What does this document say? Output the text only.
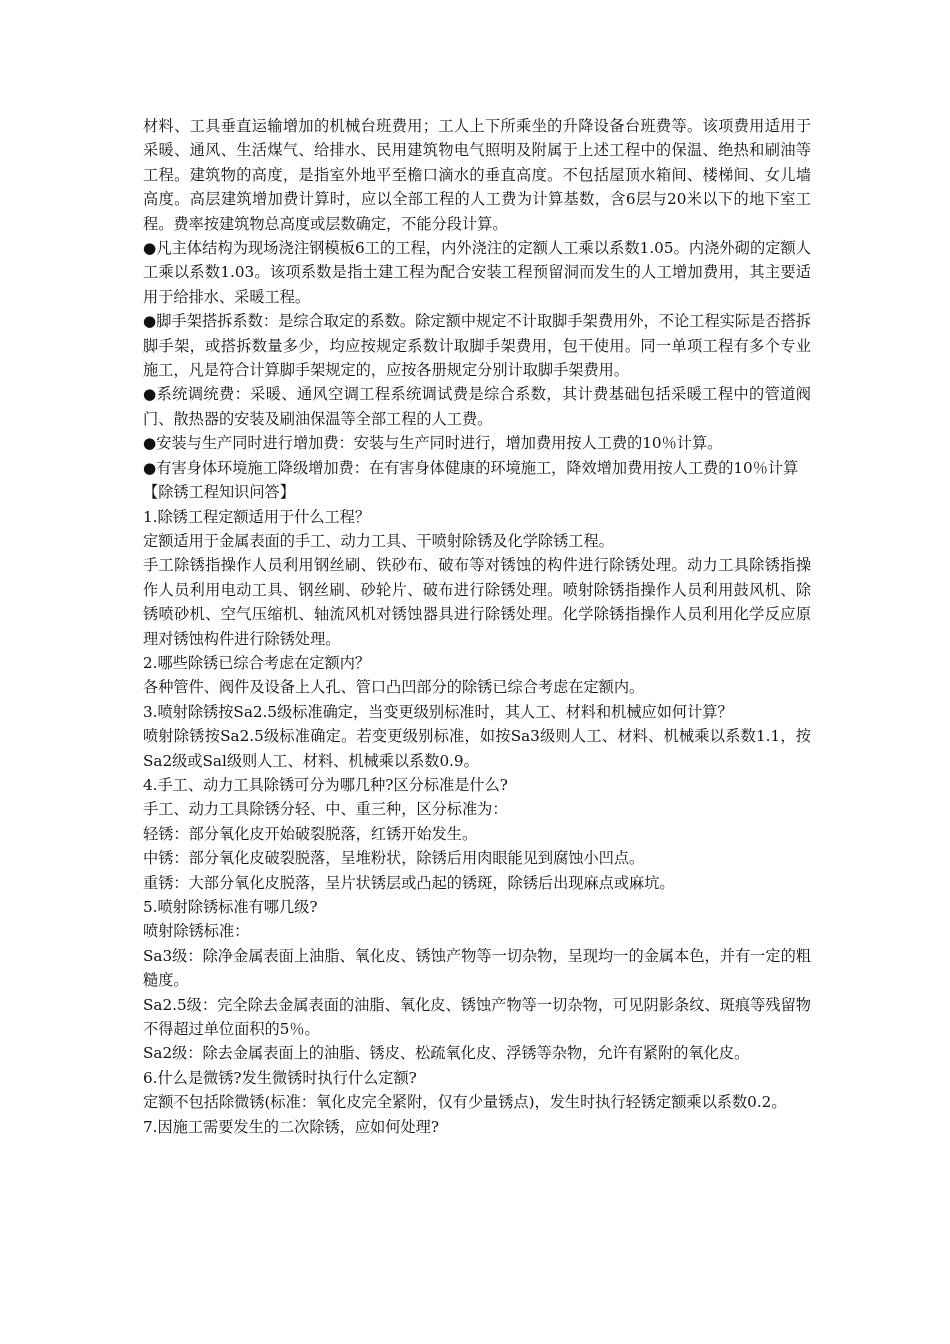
材料、工具垂直运输增加的机械台班费用；工人上下所乘坐的升降设备台班费等。该项费用适用于采暖、通风、生活煤气、给排水、民用建筑物电气照明及附属于上述工程中的保温、绝热和刷油等工程。建筑物的高度，是指室外地平至檐口滴水的垂直高度。不包括屋顶水箱间、楼梯间、女儿墙高度。高层建筑增加费计算时，应以全部工程的人工费为计算基数，含6层与20米以下的地下室工程。费率按建筑物总高度或层数确定，不能分段计算。

●凡主体结构为现场浇注钢模板6工的工程，内外浇注的定额人工乘以系数1.05。内浇外砌的定额人工乘以系数1.03。该项系数是指土建工程为配合安装工程预留洞而发生的人工增加费用，其主要适用于给排水、采暖工程。

●脚手架搭拆系数：是综合取定的系数。除定额中规定不计取脚手架费用外，不论工程实际是否搭拆脚手架，或搭拆数量多少，均应按规定系数计取脚手架费用，包干使用。同一单项工程有多个专业施工，凡是符合计算脚手架规定的，应按各册规定分别计取脚手架费用。

●系统调统费：采暖、通风空调工程系统调试费是综合系数，其计费基础包括采暖工程中的管道阀门、散热器的安装及刷油保温等全部工程的人工费。

●安装与生产同时进行增加费：安装与生产同时进行，增加费用按人工费的10％计算。

●有害身体环境施工降级增加费：在有害身体健康的环境施工，降效增加费用按人工费的10％计算

【除锈工程知识问答】

1.除锈工程定额适用于什么工程？

定额适用于金属表面的手工、动力工具、干喷射除锈及化学除锈工程。

手工除锈指操作人员利用钢丝刷、铁砂布、破布等对锈蚀的构件进行除锈处理。动力工具除锈指操作人员利用电动工具、钢丝刷、砂轮片、破布进行除锈处理。喷射除锈指操作人员利用鼓风机、除锈喷砂机、空气压缩机、轴流风机对锈蚀器具进行除锈处理。化学除锈指操作人员利用化学反应原理对锈蚀构件进行除锈处理。

2.哪些除锈已综合考虑在定额内？

各种管件、阀件及设备上人孔、管口凸凹部分的除锈已综合考虑在定额内。

3.喷射除锈按Sa2.5级标准确定，当变更级别标准时，其人工、材料和机械应如何计算？

喷射除锈按Sa2.5级标准确定。若变更级别标准，如按Sa3级则人工、材料、机械乘以系数1.1，按Sa2级或Sal级则人工、材料、机械乘以系数0.9。

4.手工、动力工具除锈可分为哪几种?区分标准是什么?

手工、动力工具除锈分轻、中、重三种，区分标准为：

轻锈：部分氧化皮开始破裂脱落，红锈开始发生。

中锈：部分氧化皮破裂脱落，呈堆粉状，除锈后用肉眼能见到腐蚀小凹点。

重锈：大部分氧化皮脱落，呈片状锈层或凸起的锈斑，除锈后出现麻点或麻坑。

5.喷射除锈标准有哪几级?

喷射除锈标准：

Sa3级：除净金属表面上油脂、氧化皮、锈蚀产物等一切杂物，呈现均一的金属本色，并有一定的粗糙度。

Sa2.5级：完全除去金属表面的油脂、氧化皮、锈蚀产物等一切杂物，可见阴影条纹、斑痕等残留物不得超过单位面积的5％。

Sa2级：除去金属表面上的油脂、锈皮、松疏氧化皮、浮锈等杂物，允许有紧附的氧化皮。

6.什么是微锈?发生微锈时执行什么定额?

定额不包括除微锈(标准：氧化皮完全紧附，仅有少量锈点)，发生时执行轻锈定额乘以系数0.2。

7.因施工需要发生的二次除锈，应如何处理?
